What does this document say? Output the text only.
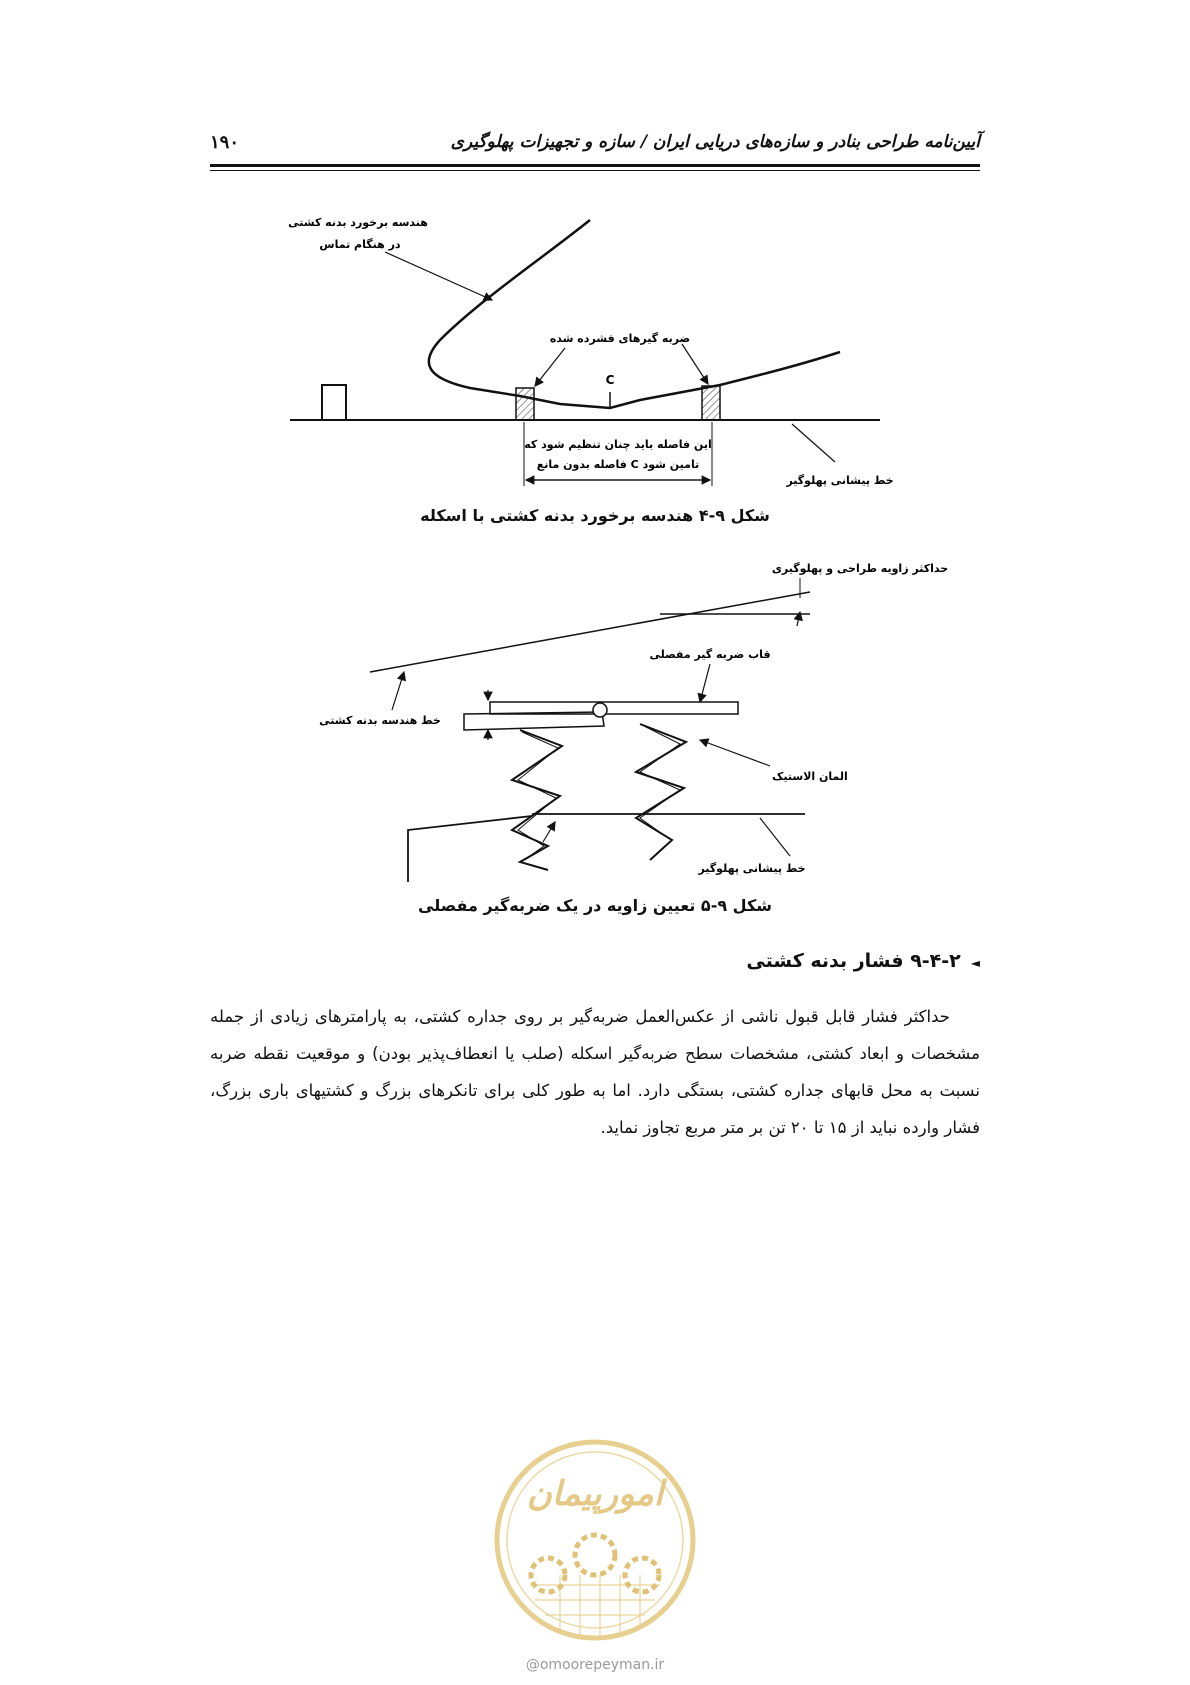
آیین‌نامه طراحی بنادر و سازه‌های دریایی ایران / سازه و تجهیزات پهلوگیری
۱۹۰
C
هندسه برخورد بدنه کشتی
در هنگام تماس
ضربه گیرهای فشرده شده
این فاصله باید چنان تنظیم شود که
فاصله بدون مانع C تامین شود
خط پیشانی پهلوگیر
شکل ۹-۴ هندسه برخورد بدنه کشتی با اسکله
حداکثر زاویه طراحی و پهلوگیری
قاب ضربه گیر مفصلی
خط هندسه بدنه کشتی
المان الاستیک
خط پیشانی پهلوگیر
شکل ۹-۵ تعیین زاویه در یک ضربه‌گیر مفصلی
◄۹-۴-۲ فشار بدنه کشتی

حداکثر فشار قابل قبول ناشی از عکس‌العمل ضربه‌گیر بر روی جداره کشتی، به پارامترهای زیادی از جمله مشخصات و ابعاد کشتی، مشخصات سطح ضربه‌گیر اسکله (صلب یا انعطاف‌پذیر بودن) و موقعیت نقطه ضربه نسبت به محل قابهای جداره کشتی، بستگی دارد. اما به طور کلی برای تانکرهای بزرگ و کشتیهای باری بزرگ، فشار وارده نباید از ۱۵ تا ۲۰ تن بر متر مربع تجاوز نماید.

امورپیمان
@omoorepeyman.ir
